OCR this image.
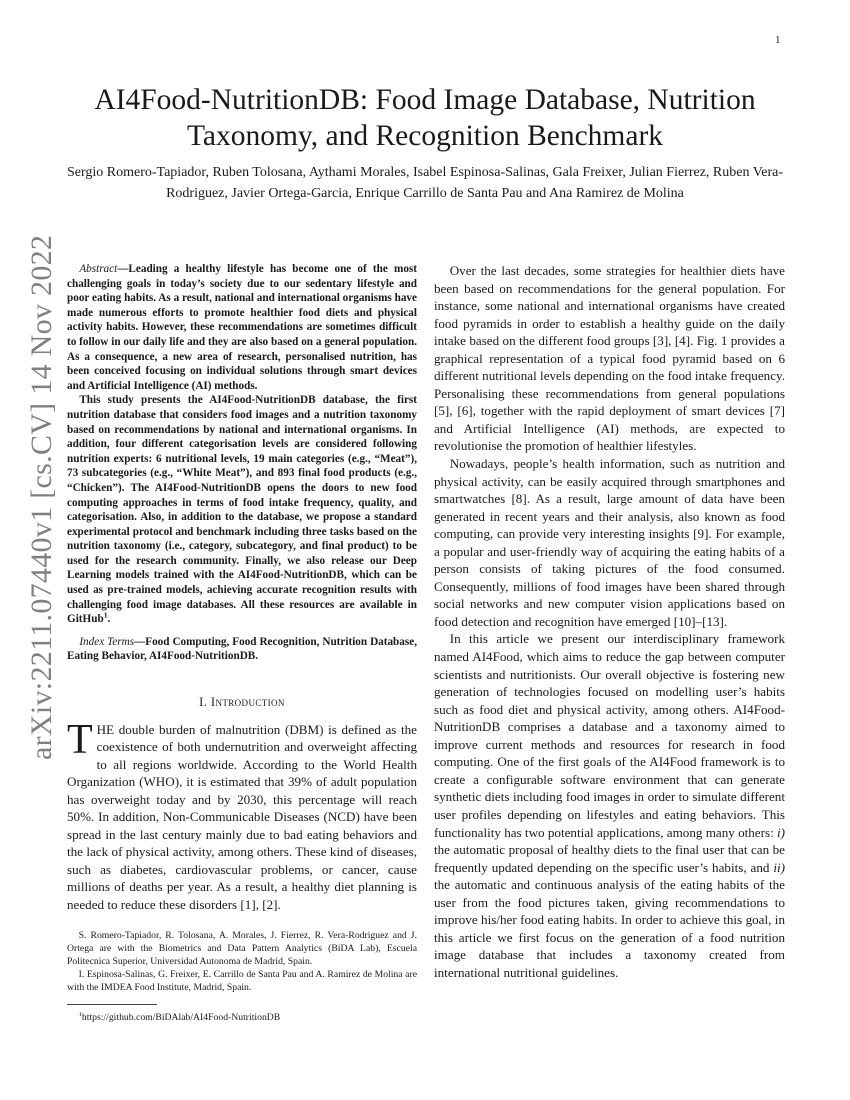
1
arXiv:2211.07440v1 [cs.CV] 14 Nov 2022
AI4Food-NutritionDB: Food Image Database, Nutrition Taxonomy, and Recognition Benchmark
Sergio Romero-Tapiador, Ruben Tolosana, Aythami Morales, Isabel Espinosa-Salinas, Gala Freixer, Julian Fierrez, Ruben Vera-Rodriguez, Javier Ortega-Garcia, Enrique Carrillo de Santa Pau and Ana Ramirez de Molina

Abstract—Leading a healthy lifestyle has become one of the most challenging goals in today’s society due to our sedentary lifestyle and poor eating habits. As a result, national and international organisms have made numerous efforts to promote healthier food diets and physical activity habits. However, these recommendations are sometimes difficult to follow in our daily life and they are also based on a general population. As a consequence, a new area of research, personalised nutrition, has been conceived focusing on individual solutions through smart devices and Artificial Intelligence (AI) methods.

This study presents the AI4Food-NutritionDB database, the first nutrition database that considers food images and a nutrition taxonomy based on recommendations by national and international organisms. In addition, four different categorisation levels are considered following nutrition experts: 6 nutritional levels, 19 main categories (e.g., “Meat”), 73 subcategories (e.g., “White Meat”), and 893 final food products (e.g., “Chicken”). The AI4Food-NutritionDB opens the doors to new food computing approaches in terms of food intake frequency, quality, and categorisation. Also, in addition to the database, we propose a standard experimental protocol and benchmark including three tasks based on the nutrition taxonomy (i.e., category, subcategory, and final product) to be used for the research community. Finally, we also release our Deep Learning models trained with the AI4Food-NutritionDB, which can be used as pre-trained models, achieving accurate recognition results with challenging food image databases. All these resources are available in GitHub$^1$.

Index Terms—Food Computing, Food Recognition, Nutrition Database, Eating Behavior, AI4Food-NutritionDB.

I. Introduction

THE double burden of malnutrition (DBM) is defined as the coexistence of both undernutrition and overweight affecting to all regions worldwide. According to the World Health Organization (WHO), it is estimated that 39% of adult population has overweight today and by 2030, this percentage will reach 50%. In addition, Non-Communicable Diseases (NCD) have been spread in the last century mainly due to bad eating behaviors and the lack of physical activity, among others. These kind of diseases, such as diabetes, cardiovascular problems, or cancer, cause millions of deaths per year. As a result, a healthy diet planning is needed to reduce these disorders [1], [2].

S. Romero-Tapiador, R. Tolosana, A. Morales, J. Fierrez, R. Vera-Rodriguez and J. Ortega are with the Biometrics and Data Pattern Analytics (BiDA Lab), Escuela Politecnica Superior, Universidad Autonoma de Madrid, Spain.

I. Espinosa-Salinas, G. Freixer, E. Carrillo de Santa Pau and A. Ramirez de Molina are with the IMDEA Food Institute, Madrid, Spain.

$^1$https://github.com/BiDAlab/AI4Food-NutritionDB

Over the last decades, some strategies for healthier diets have been based on recommendations for the general population. For instance, some national and international organisms have created food pyramids in order to establish a healthy guide on the daily intake based on the different food groups [3], [4]. Fig. 1 provides a graphical representation of a typical food pyramid based on 6 different nutritional levels depending on the food intake frequency. Personalising these recommendations from general populations [5], [6], together with the rapid deployment of smart devices [7] and Artificial Intelligence (AI) methods, are expected to revolutionise the promotion of healthier lifestyles.

Nowadays, people’s health information, such as nutrition and physical activity, can be easily acquired through smartphones and smartwatches [8]. As a result, large amount of data have been generated in recent years and their analysis, also known as food computing, can provide very interesting insights [9]. For example, a popular and user-friendly way of acquiring the eating habits of a person consists of taking pictures of the food consumed. Consequently, millions of food images have been shared through social networks and new computer vision applications based on food detection and recognition have emerged [10]–[13].

In this article we present our interdisciplinary framework named AI4Food, which aims to reduce the gap between computer scientists and nutritionists. Our overall objective is fostering new generation of technologies focused on modelling user’s habits such as food diet and physical activity, among others. AI4Food-NutritionDB comprises a database and a taxonomy aimed to improve current methods and resources for research in food computing. One of the first goals of the AI4Food framework is to create a configurable software environment that can generate synthetic diets including food images in order to simulate different user profiles depending on lifestyles and eating behaviors. This functionality has two potential applications, among many others: i) the automatic proposal of healthy diets to the final user that can be frequently updated depending on the specific user’s habits, and ii) the automatic and continuous analysis of the eating habits of the user from the food pictures taken, giving recommendations to improve his/her food eating habits. In order to achieve this goal, in this article we first focus on the generation of a food nutrition image database that includes a taxonomy created from international nutritional guidelines.
